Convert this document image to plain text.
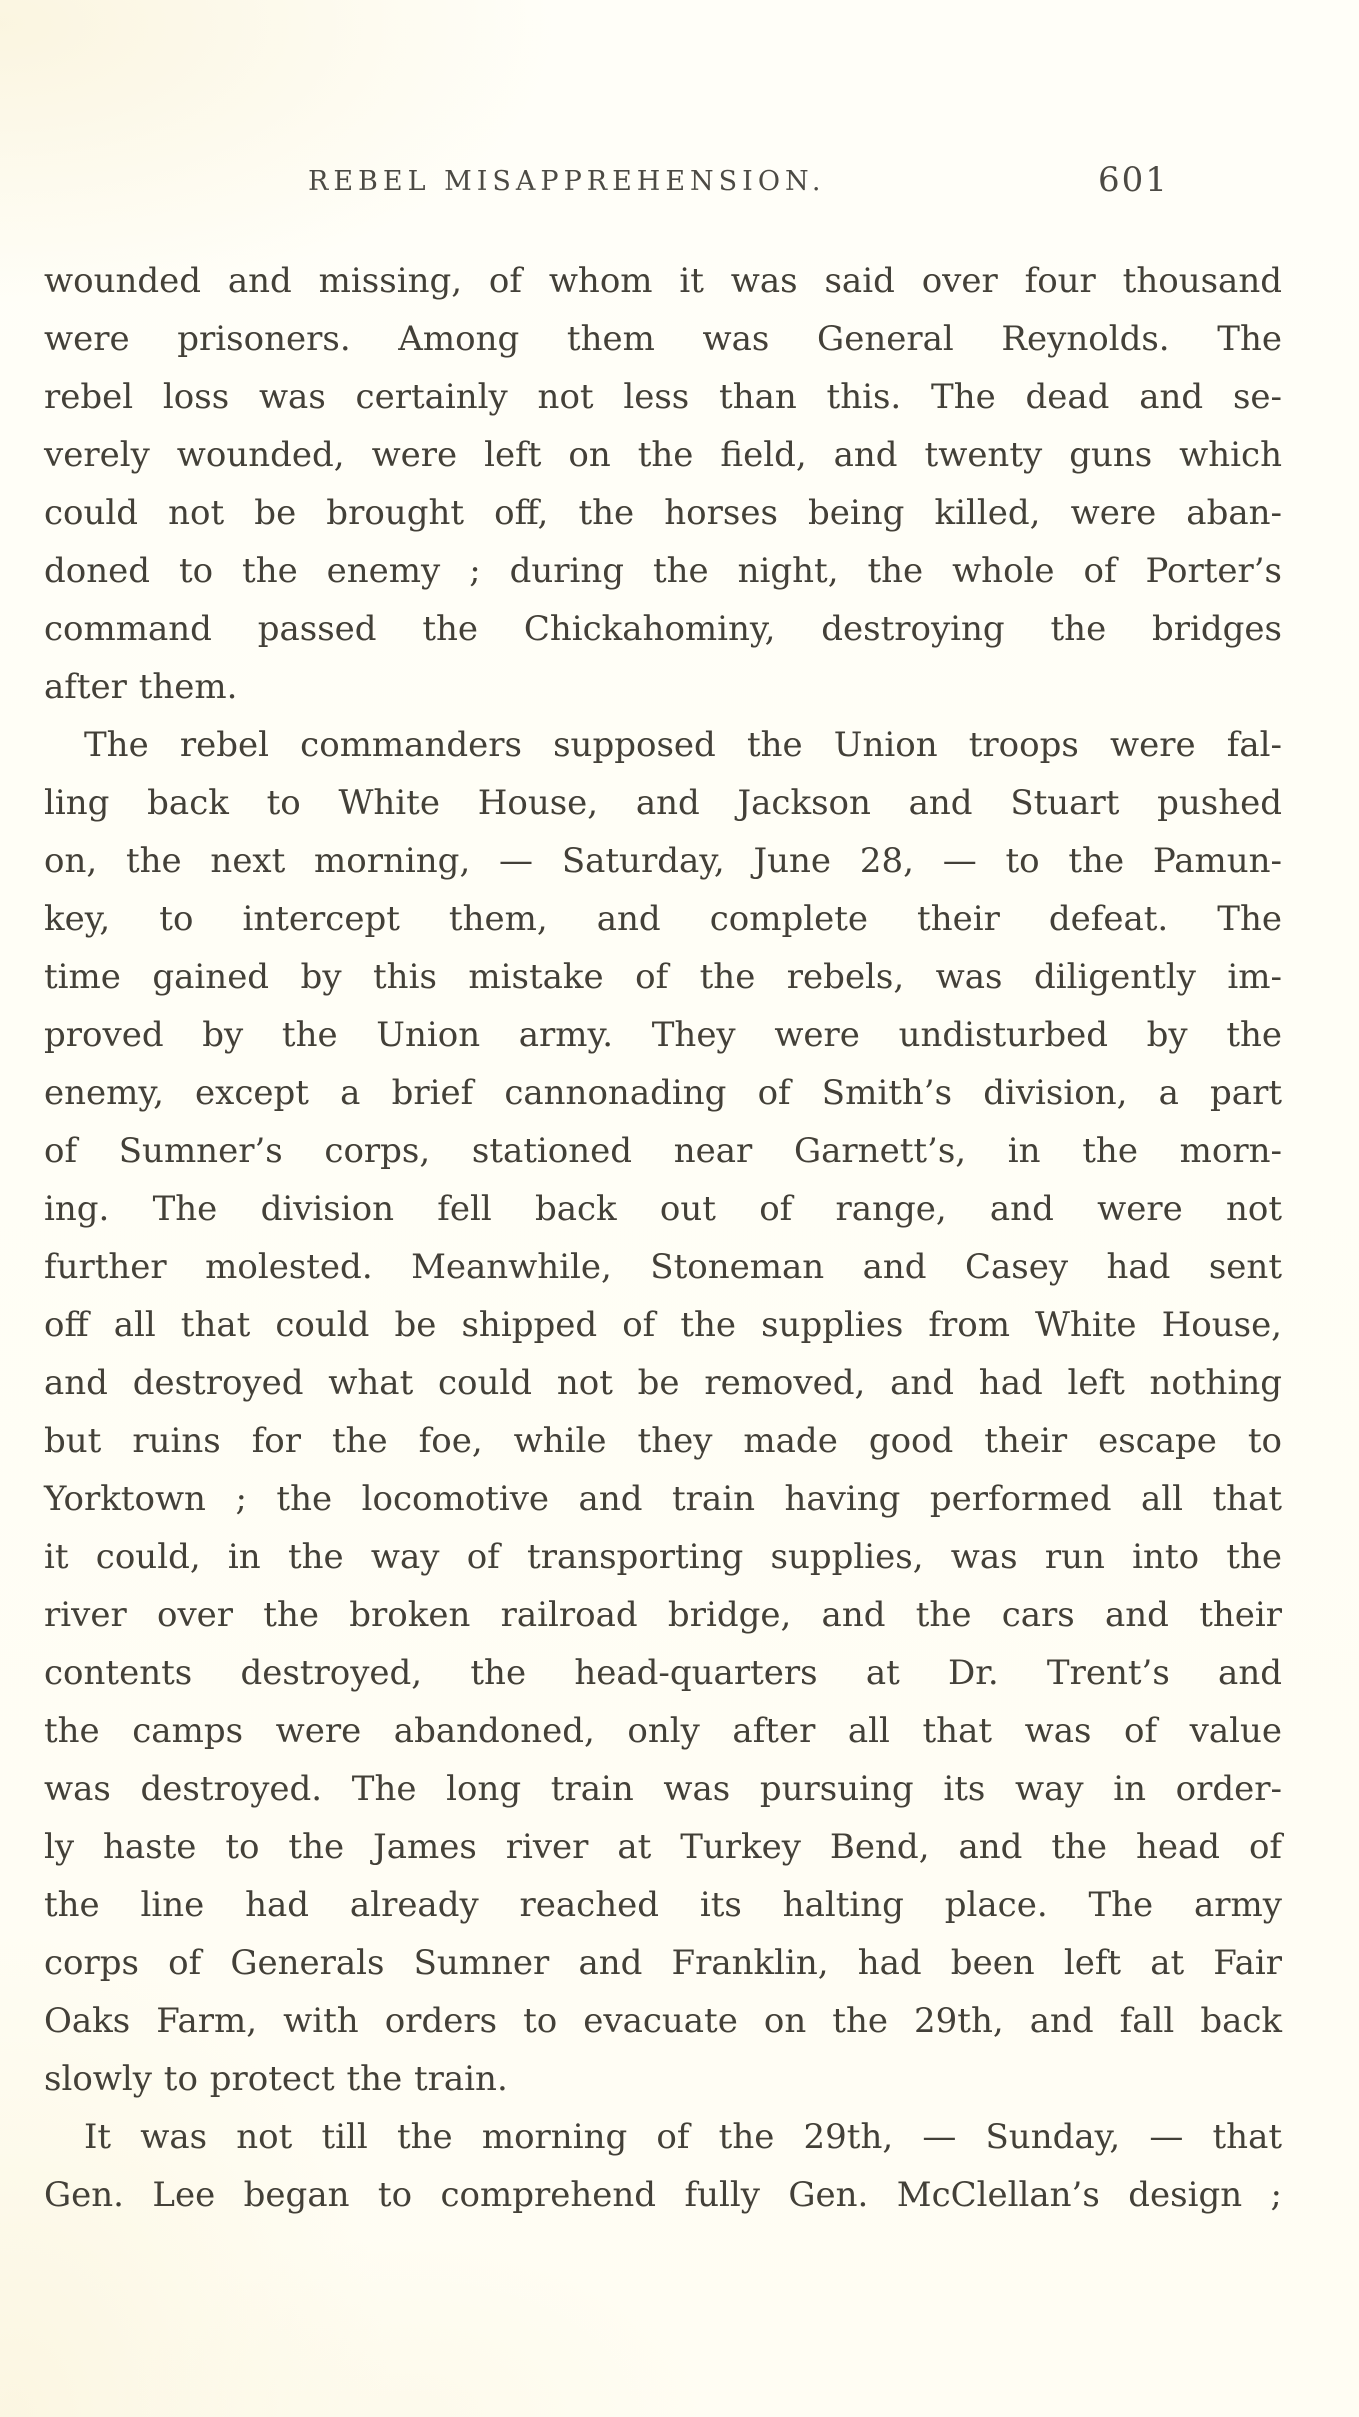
REBEL MISAPPREHENSION.	601
wounded and missing, of whom it was said over four thousand
were prisoners. Among them was General Reynolds. The
rebel loss was certainly not less than this. The dead and se-
verely wounded, were left on the field, and twenty guns which
could not be brought off, the horses being killed, were aban-
doned to the enemy ; during the night, the whole of Porter’s
command passed the Chickahominy, destroying the bridges
after them.
The rebel commanders supposed the Union troops were fal-
ling back to White House, and Jackson and Stuart pushed
on, the next morning, — Saturday, June 28, — to the Pamun-
key, to intercept them, and complete their defeat. The
time gained by this mistake of the rebels, was diligently im-
proved by the Union army. They were undisturbed by the
enemy, except a brief cannonading of Smith’s division, a part
of Sumner’s corps, stationed near Garnett’s, in the morn-
ing. The division fell back out of range, and were not
further molested. Meanwhile, Stoneman and Casey had sent
off all that could be shipped of the supplies from White House,
and destroyed what could not be removed, and had left nothing
but ruins for the foe, while they made good their escape to
Yorktown ; the locomotive and train having performed all that
it could, in the way of transporting supplies, was run into the
river over the broken railroad bridge, and the cars and their
contents destroyed, the head-quarters at Dr. Trent’s and
the camps were abandoned, only after all that was of value
was destroyed. The long train was pursuing its way in order-
ly haste to the James river at Turkey Bend, and the head of
the line had already reached its halting place. The army
corps of Generals Sumner and Franklin, had been left at Fair
Oaks Farm, with orders to evacuate on the 29th, and fall back
slowly to protect the train.
It was not till the morning of the 29th, — Sunday, — that
Gen. Lee began to comprehend fully Gen. McClellan’s design ;
